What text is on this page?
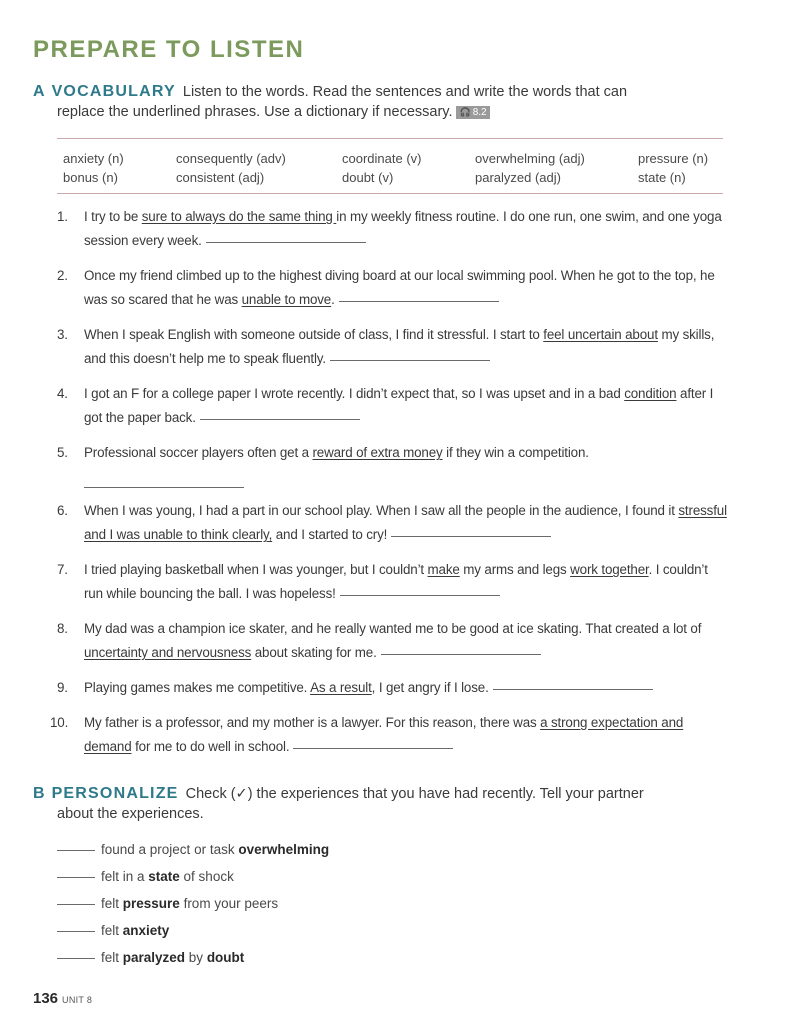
PREPARE TO LISTEN
A VOCABULARY Listen to the words. Read the sentences and write the words that can
replace the underlined phrases. Use a dictionary if necessary. 🎧 8.2
anxiety (n)
bonus (n)
consequently (adv)
consistent (adj)
coordinate (v)
doubt (v)
overwhelming (adj)
paralyzed (adj)
pressure (n)
state (n)
1. I try to be sure to always do the same thing in my weekly fitness routine. I do one run, one swim, and one yoga session every week.
2. Once my friend climbed up to the highest diving board at our local swimming pool. When he got to the top, he was so scared that he was unable to move.
3. When I speak English with someone outside of class, I find it stressful. I start to feel uncertain about my skills, and this doesn’t help me to speak fluently.
4. I got an F for a college paper I wrote recently. I didn’t expect that, so I was upset and in a bad condition after I got the paper back.
5. Professional soccer players often get a reward of extra money if they win a competition.
6. When I was young, I had a part in our school play. When I saw all the people in the audience, I found it stressful and I was unable to think clearly, and I started to cry!
7. I tried playing basketball when I was younger, but I couldn’t make my arms and legs work together. I couldn’t run while bouncing the ball. I was hopeless!
8. My dad was a champion ice skater, and he really wanted me to be good at ice skating. That created a lot of uncertainty and nervousness about skating for me.
9. Playing games makes me competitive. As a result, I get angry if I lose.
10. My father is a professor, and my mother is a lawyer. For this reason, there was a strong expectation and demand for me to do well in school.
B PERSONALIZE Check (✓) the experiences that you have had recently. Tell your partner
about the experiences.
found a project or task overwhelming
felt in a state of shock
felt pressure from your peers
felt anxiety
felt paralyzed by doubt
136 UNIT 8
